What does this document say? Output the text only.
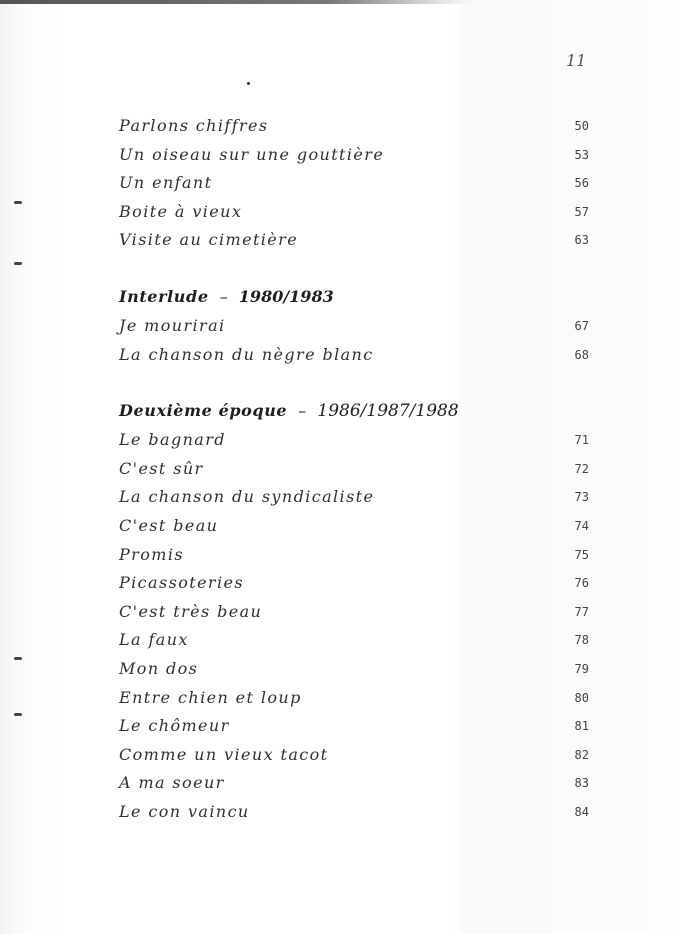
11
Parlons chiffres	50
Un oiseau sur une gouttière	53
Un enfant	56
Boite à vieux	57
Visite au cimetière	63
Interlude – 1980/1983
Je mourirai	67
La chanson du nègre blanc	68
Deuxième époque – 1986/1987/1988
Le bagnard	71
C'est sûr	72
La chanson du syndicaliste	73
C'est beau	74
Promis	75
Picassoteries	76
C'est très beau	77
La faux	78
Mon dos	79
Entre chien et loup	80
Le chômeur	81
Comme un vieux tacot	82
A ma soeur	83
Le con vaincu	84
